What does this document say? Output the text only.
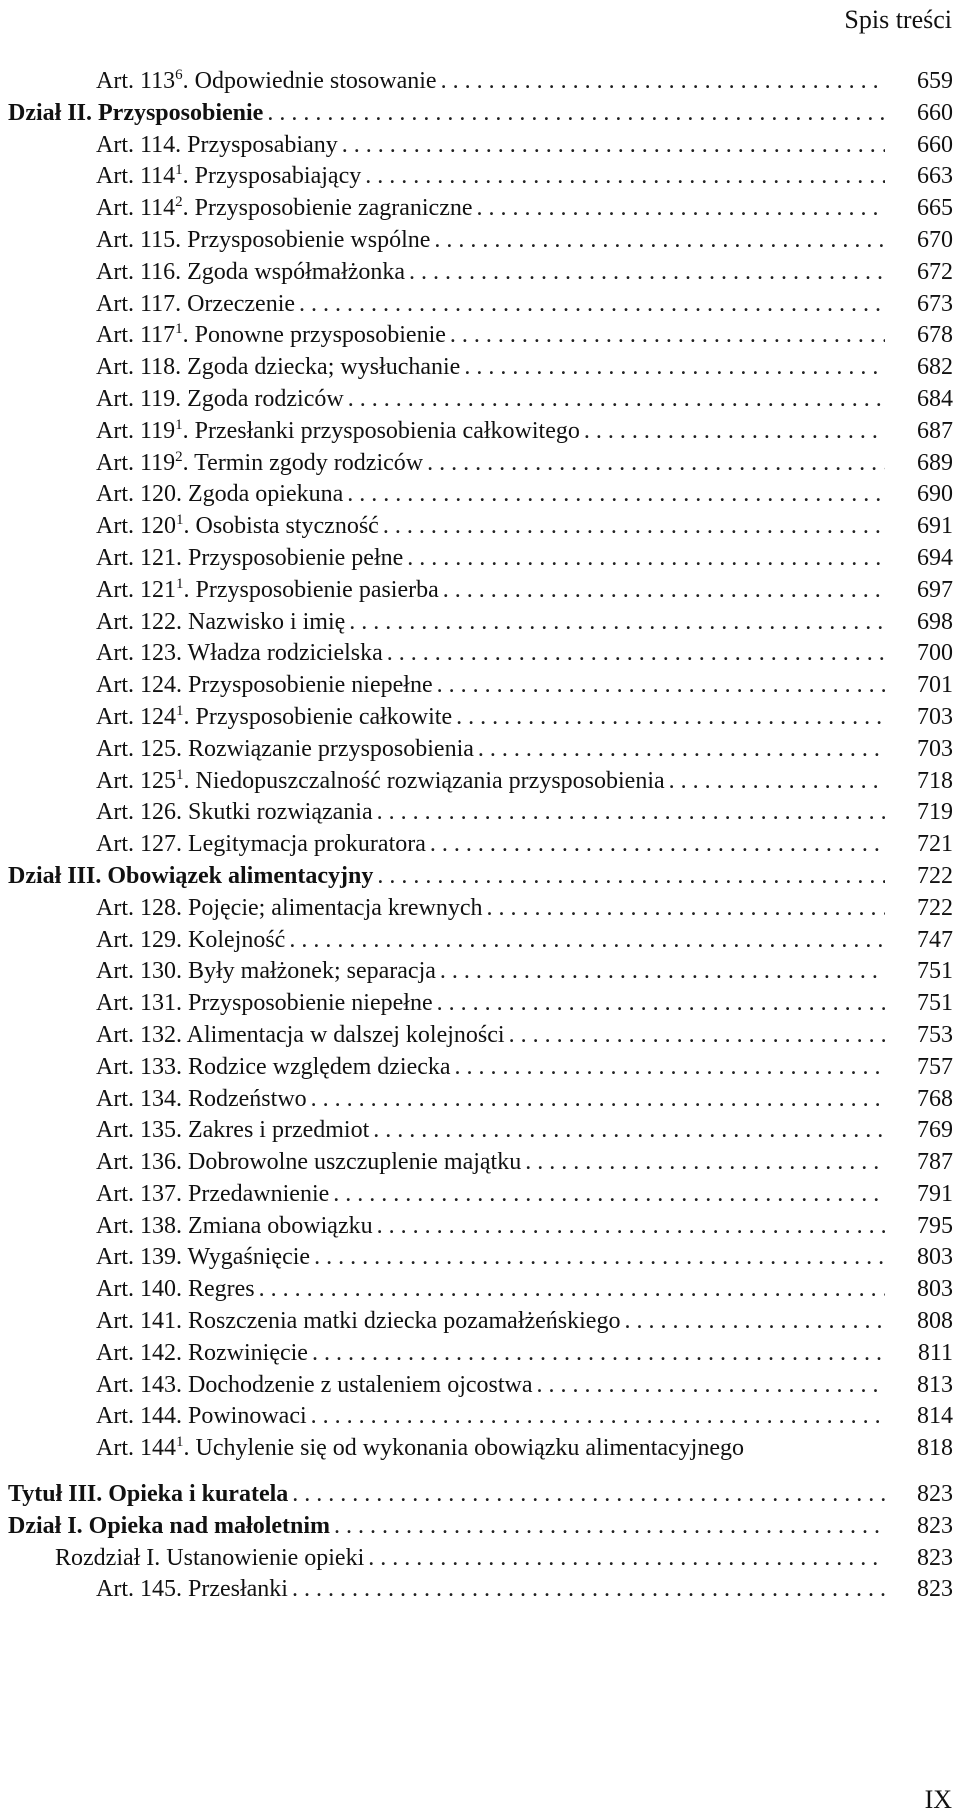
Spis treści
Art. $113^6$. Odpowiednie stosowanie . . .	659
Dział II. Przysposobienie . . .	660
Art. 114. Przysposabiany . . .	660
Art. $114^1$. Przysposabiający . . .	663
Art. $114^2$. Przysposobienie zagraniczne . . .	665
Art. 115. Przysposobienie wspólne . . .	670
Art. 116. Zgoda współmałżonka . . .	672
Art. 117. Orzeczenie . . .	673
Art. $117^1$. Ponowne przysposobienie . . .	678
Art. 118. Zgoda dziecka; wysłuchanie . . .	682
Art. 119. Zgoda rodziców . . .	684
Art. $119^1$. Przesłanki przysposobienia całkowitego . . .	687
Art. $119^2$. Termin zgody rodziców . . .	689
Art. 120. Zgoda opiekuna . . .	690
Art. $120^1$. Osobista styczność . . .	691
Art. 121. Przysposobienie pełne . . .	694
Art. $121^1$. Przysposobienie pasierba . . .	697
Art. 122. Nazwisko i imię . . .	698
Art. 123. Władza rodzicielska . . .	700
Art. 124. Przysposobienie niepełne . . .	701
Art. $124^1$. Przysposobienie całkowite . . .	703
Art. 125. Rozwiązanie przysposobienia . . .	703
Art. $125^1$. Niedopuszczalność rozwiązania przysposobienia . . .	718
Art. 126. Skutki rozwiązania . . .	719
Art. 127. Legitymacja prokuratora . . .	721
Dział III. Obowiązek alimentacyjny . . .	722
Art. 128. Pojęcie; alimentacja krewnych . . .	722
Art. 129. Kolejność . . .	747
Art. 130. Były małżonek; separacja . . .	751
Art. 131. Przysposobienie niepełne . . .	751
Art. 132. Alimentacja w dalszej kolejności . . .	753
Art. 133. Rodzice względem dziecka . . .	757
Art. 134. Rodzeństwo . . .	768
Art. 135. Zakres i przedmiot . . .	769
Art. 136. Dobrowolne uszczuplenie majątku . . .	787
Art. 137. Przedawnienie . . .	791
Art. 138. Zmiana obowiązku . . .	795
Art. 139. Wygaśnięcie . . .	803
Art. 140. Regres . . .	803
Art. 141. Roszczenia matki dziecka pozamałżeńskiego . . .	808
Art. 142. Rozwinięcie . . .	811
Art. 143. Dochodzenie z ustaleniem ojcostwa . . .	813
Art. 144. Powinowaci . . .	814
Art. $144^1$. Uchylenie się od wykonania obowiązku alimentacyjnego	818
Tytuł III. Opieka i kuratela . . .	823
Dział I. Opieka nad małoletnim . . .	823
Rozdział I. Ustanowienie opieki . . .	823
Art. 145. Przesłanki . . .	823
IX
